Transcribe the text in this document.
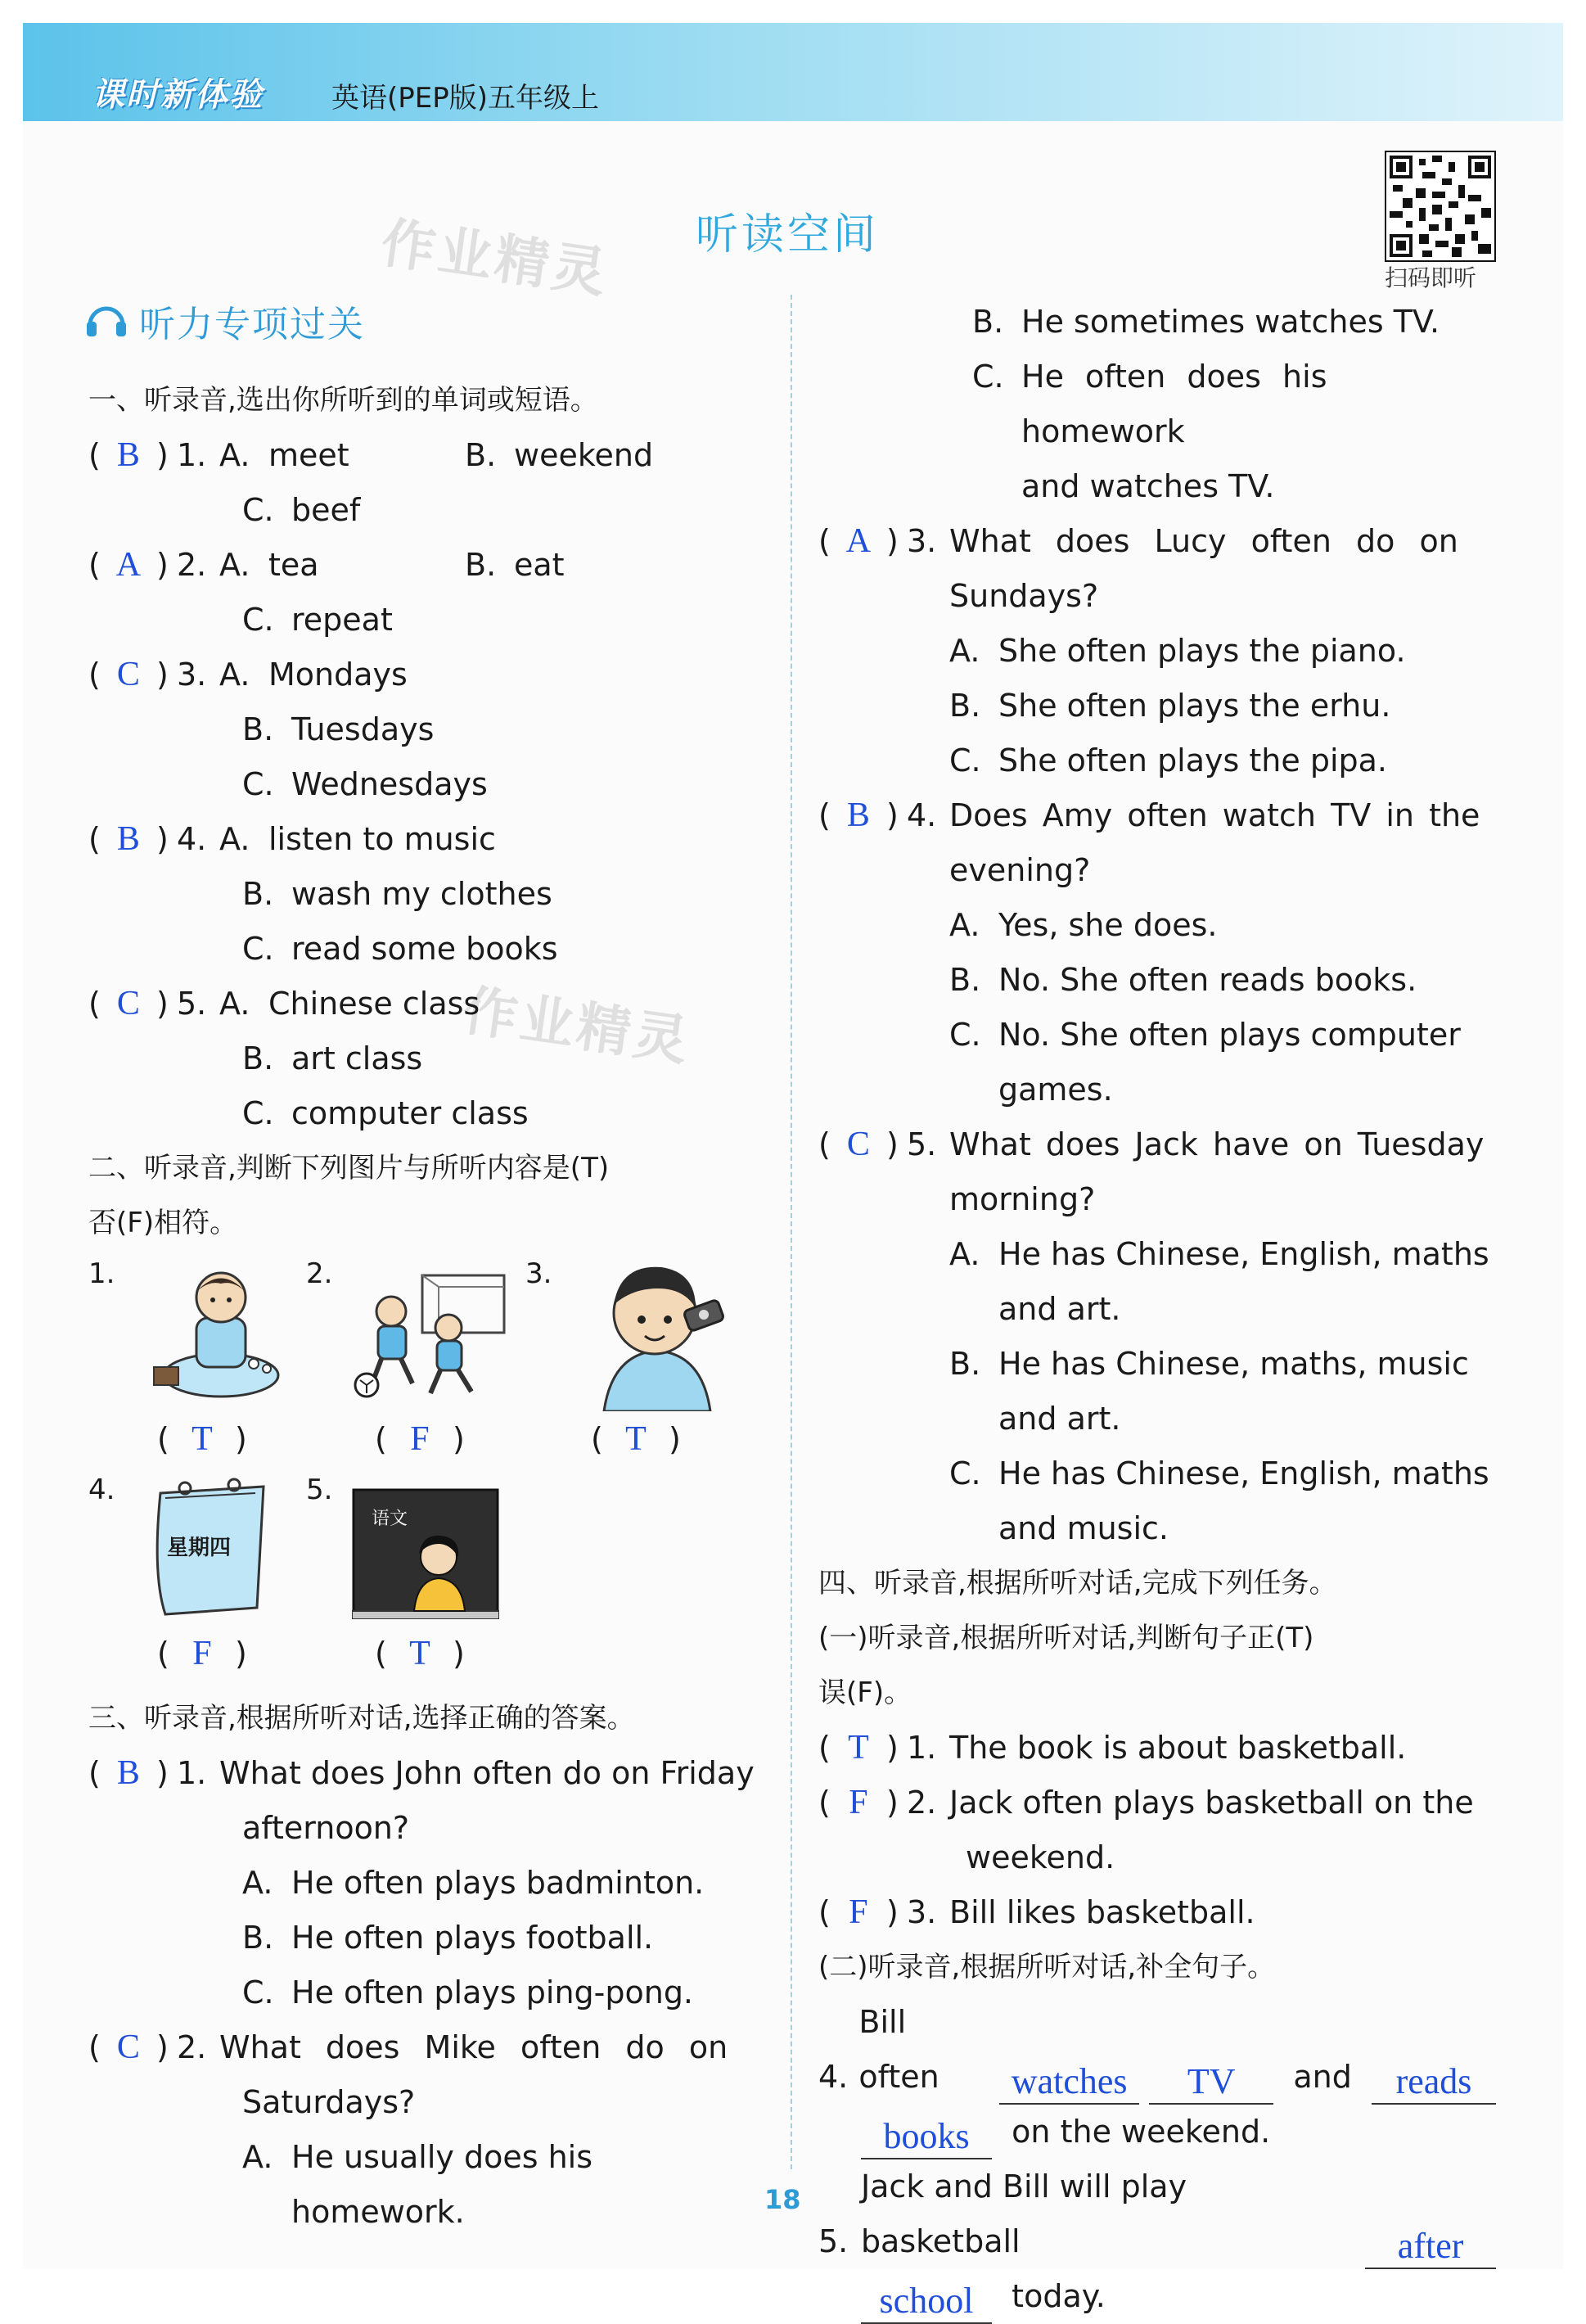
课时新体验 英语(PEP版)五年级上
作业精灵
作业精灵
听读空间
扫码即听
听力专项过关

一、听录音,选出你所听到的单词或短语。

( B ) 1. A. meet	B. weekend
C. beef
( A ) 2. A. tea	B. eat
C. repeat
( C ) 3. A. Mondays
B. Tuesdays
C. Wednesdays
( B ) 4. A. listen to music
B. wash my clothes
C. read some books
( C ) 5. A. Chinese class
B. art class
C. computer class

二、听录音,判断下列图片与所听内容是(T)

否(F)相符。

1.
( T )
2.
( F )
3.
( T )
4.
星期四
( F )
5.
语文
( T )

三、听录音,根据所听对话,选择正确的答案。

( B ) 1. What does John often do on Friday
afternoon?
A. He often plays badminton.
B. He often plays football.
C. He often plays ping-pong.
( C ) 2. What does Mike often do on
Saturdays?
A. He usually does his homework.
B. He sometimes watches TV.
C. He often does his homework
and watches TV.
( A ) 3. What does Lucy often do on
Sundays?
A. She often plays the piano.
B. She often plays the erhu.
C. She often plays the pipa.
( B ) 4. Does Amy often watch TV in the
evening?
A. Yes, she does.
B. No. She often reads books.
C. No. She often plays computer
games.
( C ) 5. What does Jack have on Tuesday
morning?
A. He has Chinese, English, maths
and art.
B. He has Chinese, maths, music
and art.
C. He has Chinese, English, maths
and music.

四、听录音,根据所听对话,完成下列任务。

(一)听录音,根据所听对话,判断句子正(T)

误(F)。

( T ) 1. The book is about basketball.
( F ) 2. Jack often plays basketball on the
weekend.
( F ) 3. Bill likes basketball.

(二)听录音,根据所听对话,补全句子。

4.
Bill often
	watches
	TV
	and
	reads
books
	on the weekend.
5.
Jack and Bill will play basketball
	after
school
	today.
18
